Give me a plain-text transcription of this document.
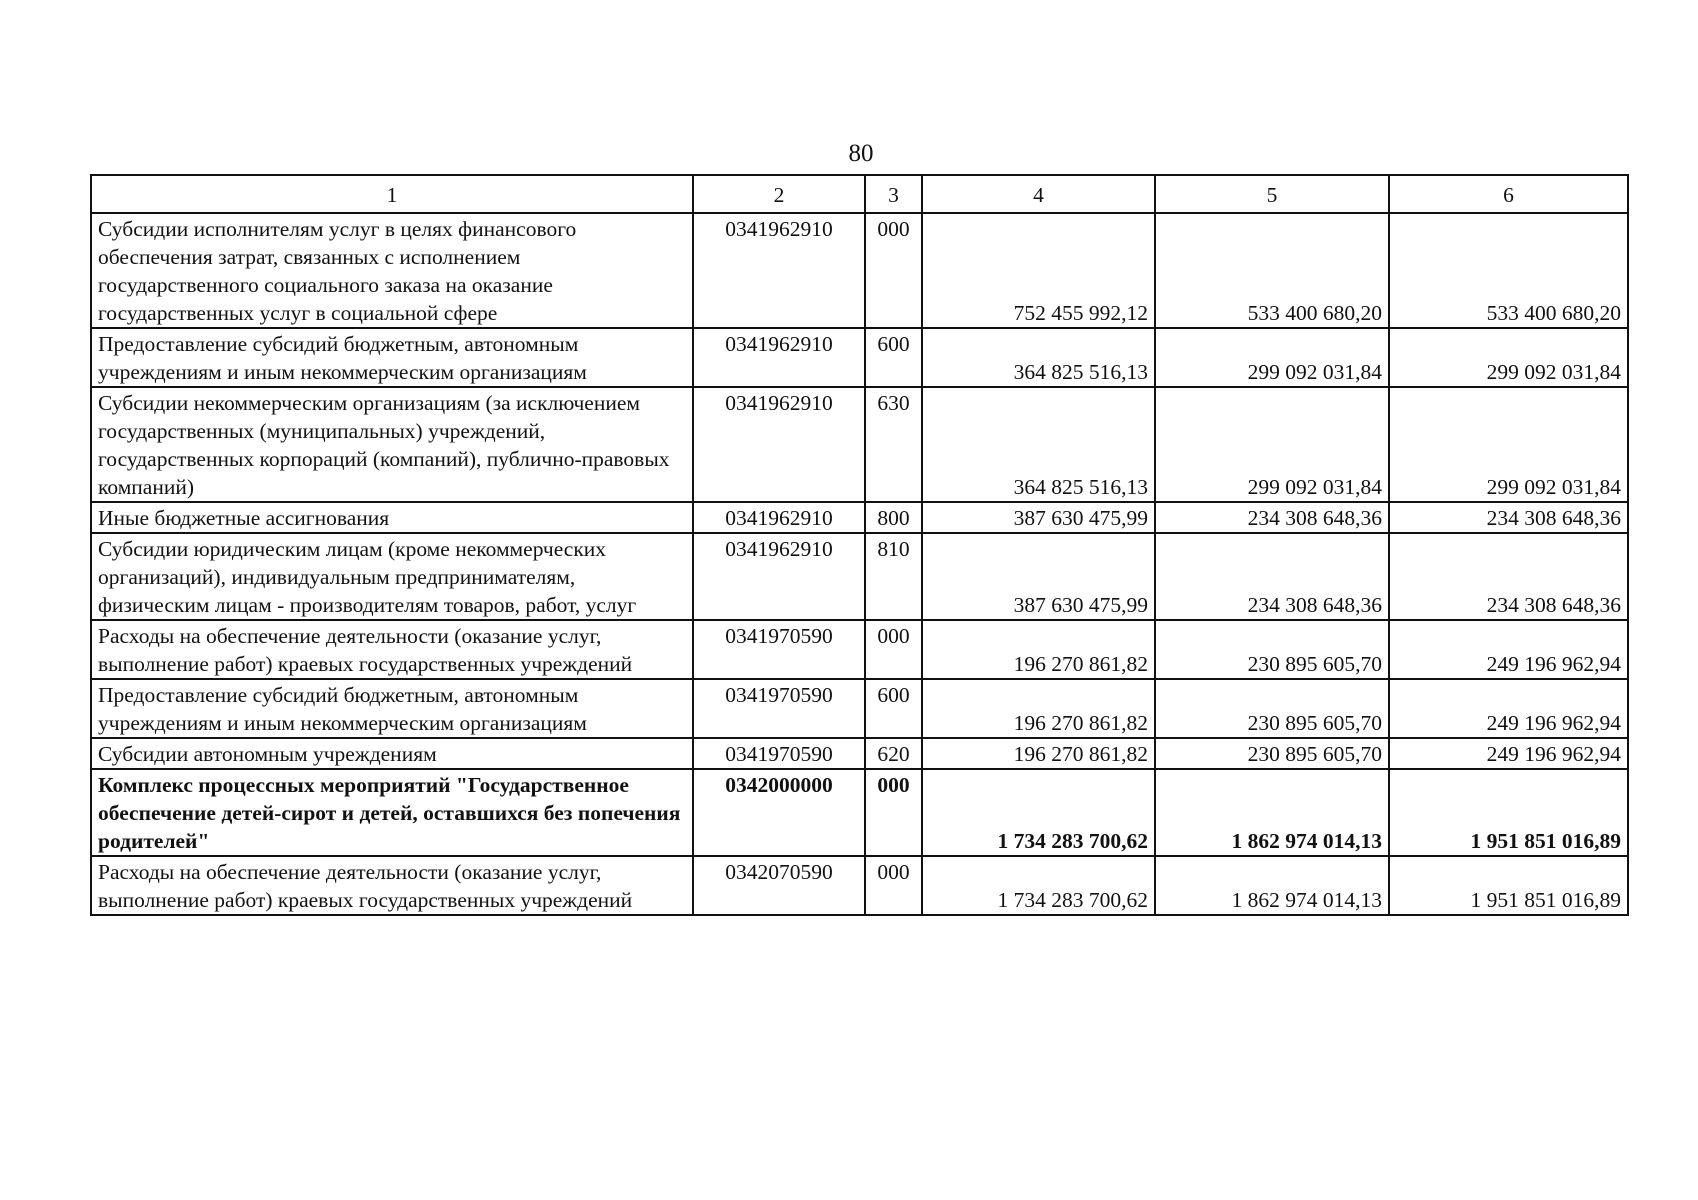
80
1	2	3	4	5	6
Субсидии исполнителям услуг в целях финансового обеспечения затрат, связанных с исполнением государственного социального заказа на оказание государственных услуг в социальной сфере	0341962910	000	752 455 992,12	533 400 680,20	533 400 680,20
Предоставление субсидий бюджетным, автономным учреждениям и иным некоммерческим организациям	0341962910	600	364 825 516,13	299 092 031,84	299 092 031,84
Субсидии некоммерческим организациям (за исключением государственных (муниципальных) учреждений, государственных корпораций (компаний), публично-правовых компаний)	0341962910	630	364 825 516,13	299 092 031,84	299 092 031,84
Иные бюджетные ассигнования	0341962910	800	387 630 475,99	234 308 648,36	234 308 648,36
Субсидии юридическим лицам (кроме некоммерческих организаций), индивидуальным предпринимателям, физическим лицам - производителям товаров, работ, услуг	0341962910	810	387 630 475,99	234 308 648,36	234 308 648,36
Расходы на обеспечение деятельности (оказание услуг, выполнение работ) краевых государственных учреждений	0341970590	000	196 270 861,82	230 895 605,70	249 196 962,94
Предоставление субсидий бюджетным, автономным учреждениям и иным некоммерческим организациям	0341970590	600	196 270 861,82	230 895 605,70	249 196 962,94
Субсидии автономным учреждениям	0341970590	620	196 270 861,82	230 895 605,70	249 196 962,94
Комплекс процессных мероприятий "Государственное обеспечение детей-сирот и детей, оставшихся без попечения родителей"	0342000000	000	1 734 283 700,62	1 862 974 014,13	1 951 851 016,89
Расходы на обеспечение деятельности (оказание услуг, выполнение работ) краевых государственных учреждений	0342070590	000	1 734 283 700,62	1 862 974 014,13	1 951 851 016,89
